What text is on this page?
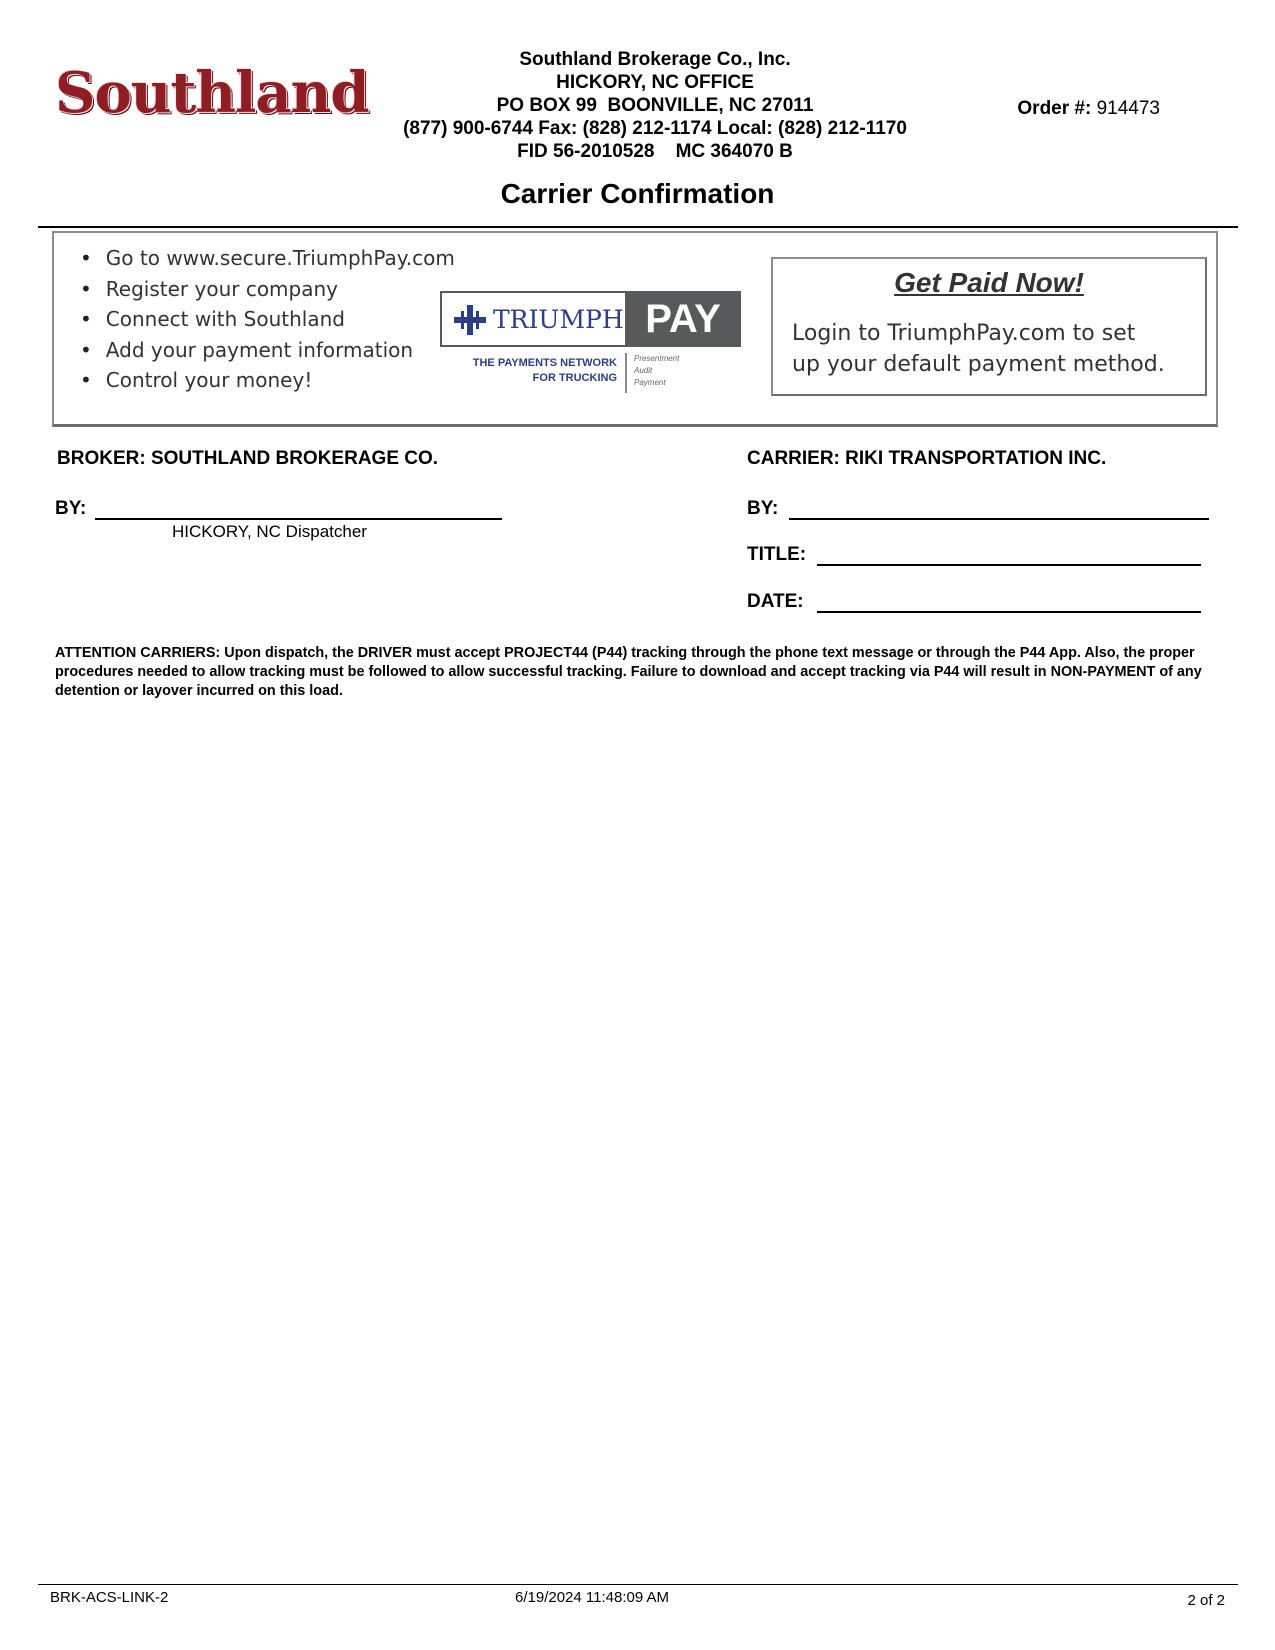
Southland
Southland Brokerage Co., Inc.
HICKORY, NC OFFICE
PO BOX 99  BOONVILLE, NC 27011
(877) 900-6744 Fax: (828) 212-1174 Local: (828) 212-1170
FID 56-2010528    MC 364070 B
Order #: 914473
Carrier Confirmation
• Go to www.secure.TriumphPay.com
• Register your company
• Connect with Southland
• Add your payment information
• Control your money!
TRIUMPH PAY
THE PAYMENTS NETWORK
FOR TRUCKING
Presentment
Audit
Payment
Get Paid Now!
Login to TriumphPay.com to set
up your default payment method.
BROKER: SOUTHLAND BROKERAGE CO.	CARRIER: RIKI TRANSPORTATION INC.
BY:
HICKORY, NC Dispatcher
BY:
TITLE:
DATE:
ATTENTION CARRIERS: Upon dispatch, the DRIVER must accept PROJECT44 (P44) tracking through the phone text message or through the P44 App. Also, the proper procedures needed to allow tracking must be followed to allow successful tracking. Failure to download and accept tracking via P44 will result in NON-PAYMENT of any detention or layover incurred on this load.
BRK-ACS-LINK-2	6/19/2024 11:48:09 AM	2 of 2
